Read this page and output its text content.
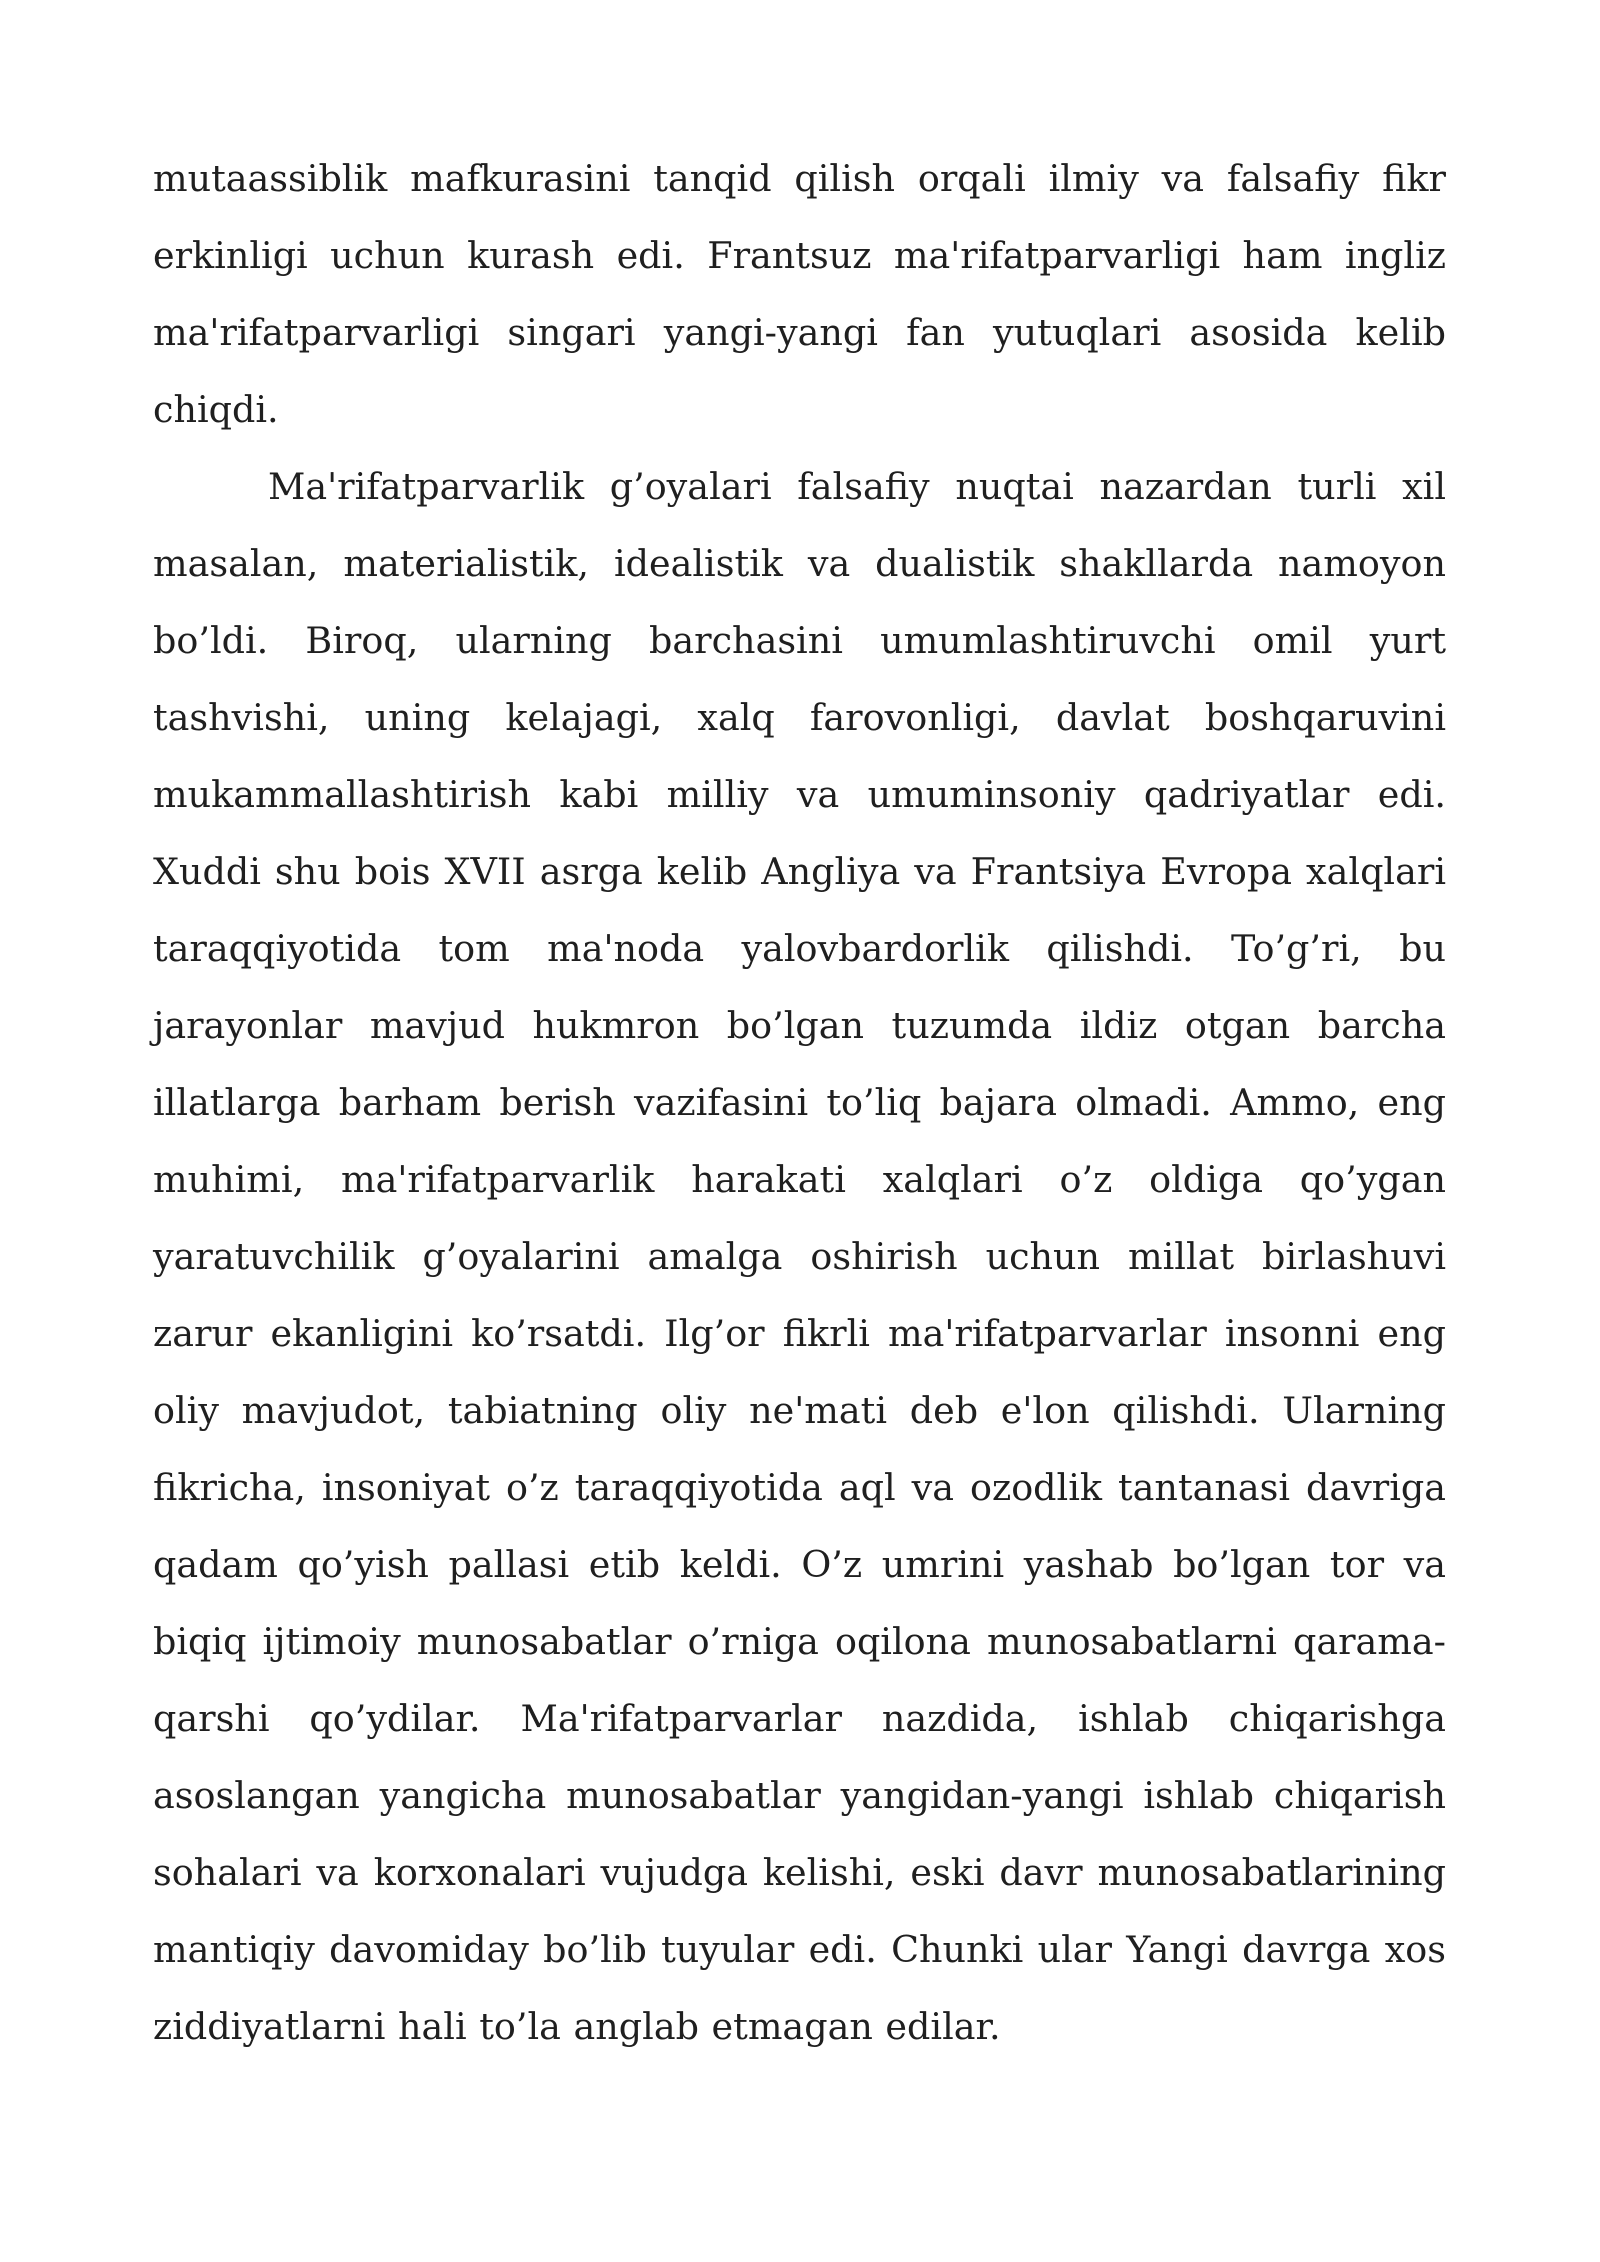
mutaassiblik mafkurasini tanqid qilish orqali ilmiy va falsafiy fikr erkinligi uchun kurash edi. Frantsuz ma'rifatparvarligi ham ingliz ma'rifatparvarligi singari yangi-yangi fan yutuqlari asosida kelib chiqdi.

Ma'rifatparvarlik g’oyalari falsafiy nuqtai nazardan turli xil masalan, materialistik, idealistik va dualistik shakllarda namoyon bo’ldi. Biroq, ularning barchasini umumlashtiruvchi omil yurt tashvishi, uning kelajagi, xalq farovonligi, davlat boshqaruvini mukammallashtirish kabi milliy va umuminsoniy qadriyatlar edi. Xuddi shu bois XVII asrga kelib Angliya va Frantsiya Evropa xalqlari taraqqiyotida tom ma'noda yalovbardorlik qilishdi. To’g’ri, bu jarayonlar mavjud hukmron bo’lgan tuzumda ildiz otgan barcha illatlarga barham berish vazifasini to’liq bajara olmadi. Ammo, eng muhimi, ma'rifatparvarlik harakati xalqlari o’z oldiga qo’ygan yaratuvchilik g’oyalarini amalga oshirish uchun millat birlashuvi zarur ekanligini ko’rsatdi. Ilg’or fikrli ma'rifatparvarlar insonni eng oliy mavjudot, tabiatning oliy ne'mati deb e'lon qilishdi. Ularning fikricha, insoniyat o’z taraqqiyotida aql va ozodlik tantanasi davriga qadam qo’yish pallasi etib keldi. O’z umrini yashab bo’lgan tor va biqiq ijtimoiy munosabatlar o’rniga oqilona munosabatlarni qarama-qarshi qo’ydilar. Ma'rifatparvarlar nazdida, ishlab chiqarishga asoslangan yangicha munosabatlar yangidan-yangi ishlab chiqarish sohalari va korxonalari vujudga kelishi, eski davr munosabatlarining mantiqiy davomiday bo’lib tuyular edi. Chunki ular Yangi davrga xos ziddiyatlarni hali to’la anglab etmagan edilar.
